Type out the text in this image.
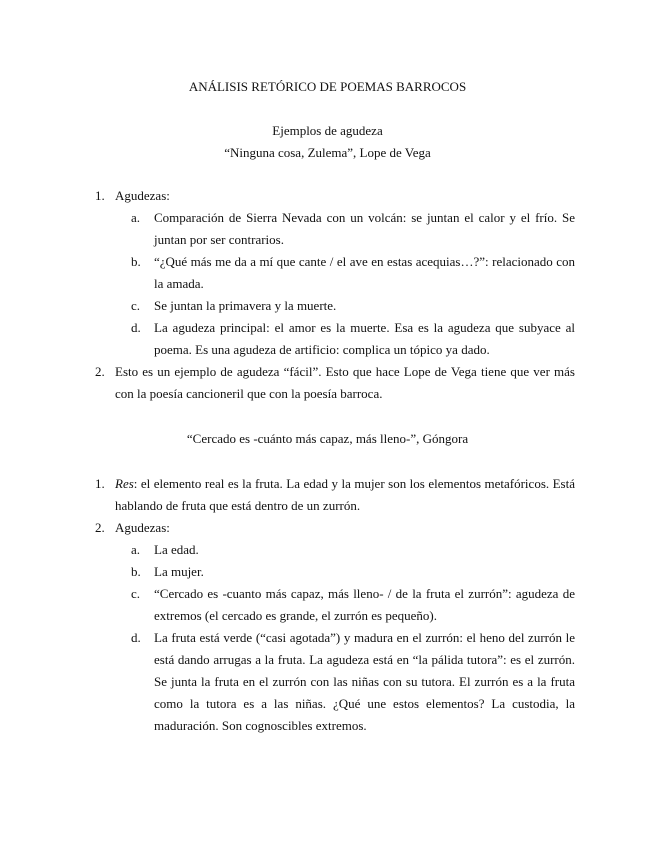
ANÁLISIS RETÓRICO DE POEMAS BARROCOS
Ejemplos de agudeza
“Ninguna cosa, Zulema”, Lope de Vega
1. Agudezas:
a. Comparación de Sierra Nevada con un volcán: se juntan el calor y el frío. Se juntan por ser contrarios.
b. “¿Qué más me da a mí que cante / el ave en estas acequias…?”: relacionado con la amada.
c. Se juntan la primavera y la muerte.
d. La agudeza principal: el amor es la muerte. Esa es la agudeza que subyace al poema. Es una agudeza de artificio: complica un tópico ya dado.
2. Esto es un ejemplo de agudeza “fácil”. Esto que hace Lope de Vega tiene que ver más con la poesía cancioneril que con la poesía barroca.
“Cercado es -cuánto más capaz, más lleno-”, Góngora
1. Res: el elemento real es la fruta. La edad y la mujer son los elementos metafóricos. Está hablando de fruta que está dentro de un zurrón.
2. Agudezas:
a. La edad.
b. La mujer.
c. “Cercado es -cuanto más capaz, más lleno- / de la fruta el zurrón”: agudeza de extremos (el cercado es grande, el zurrón es pequeño).
d. La fruta está verde (“casi agotada”) y madura en el zurrón: el heno del zurrón le está dando arrugas a la fruta. La agudeza está en “la pálida tutora”: es el zurrón. Se junta la fruta en el zurrón con las niñas con su tutora. El zurrón es a la fruta como la tutora es a las niñas. ¿Qué une estos elementos? La custodia, la maduración. Son cognoscibles extremos.
